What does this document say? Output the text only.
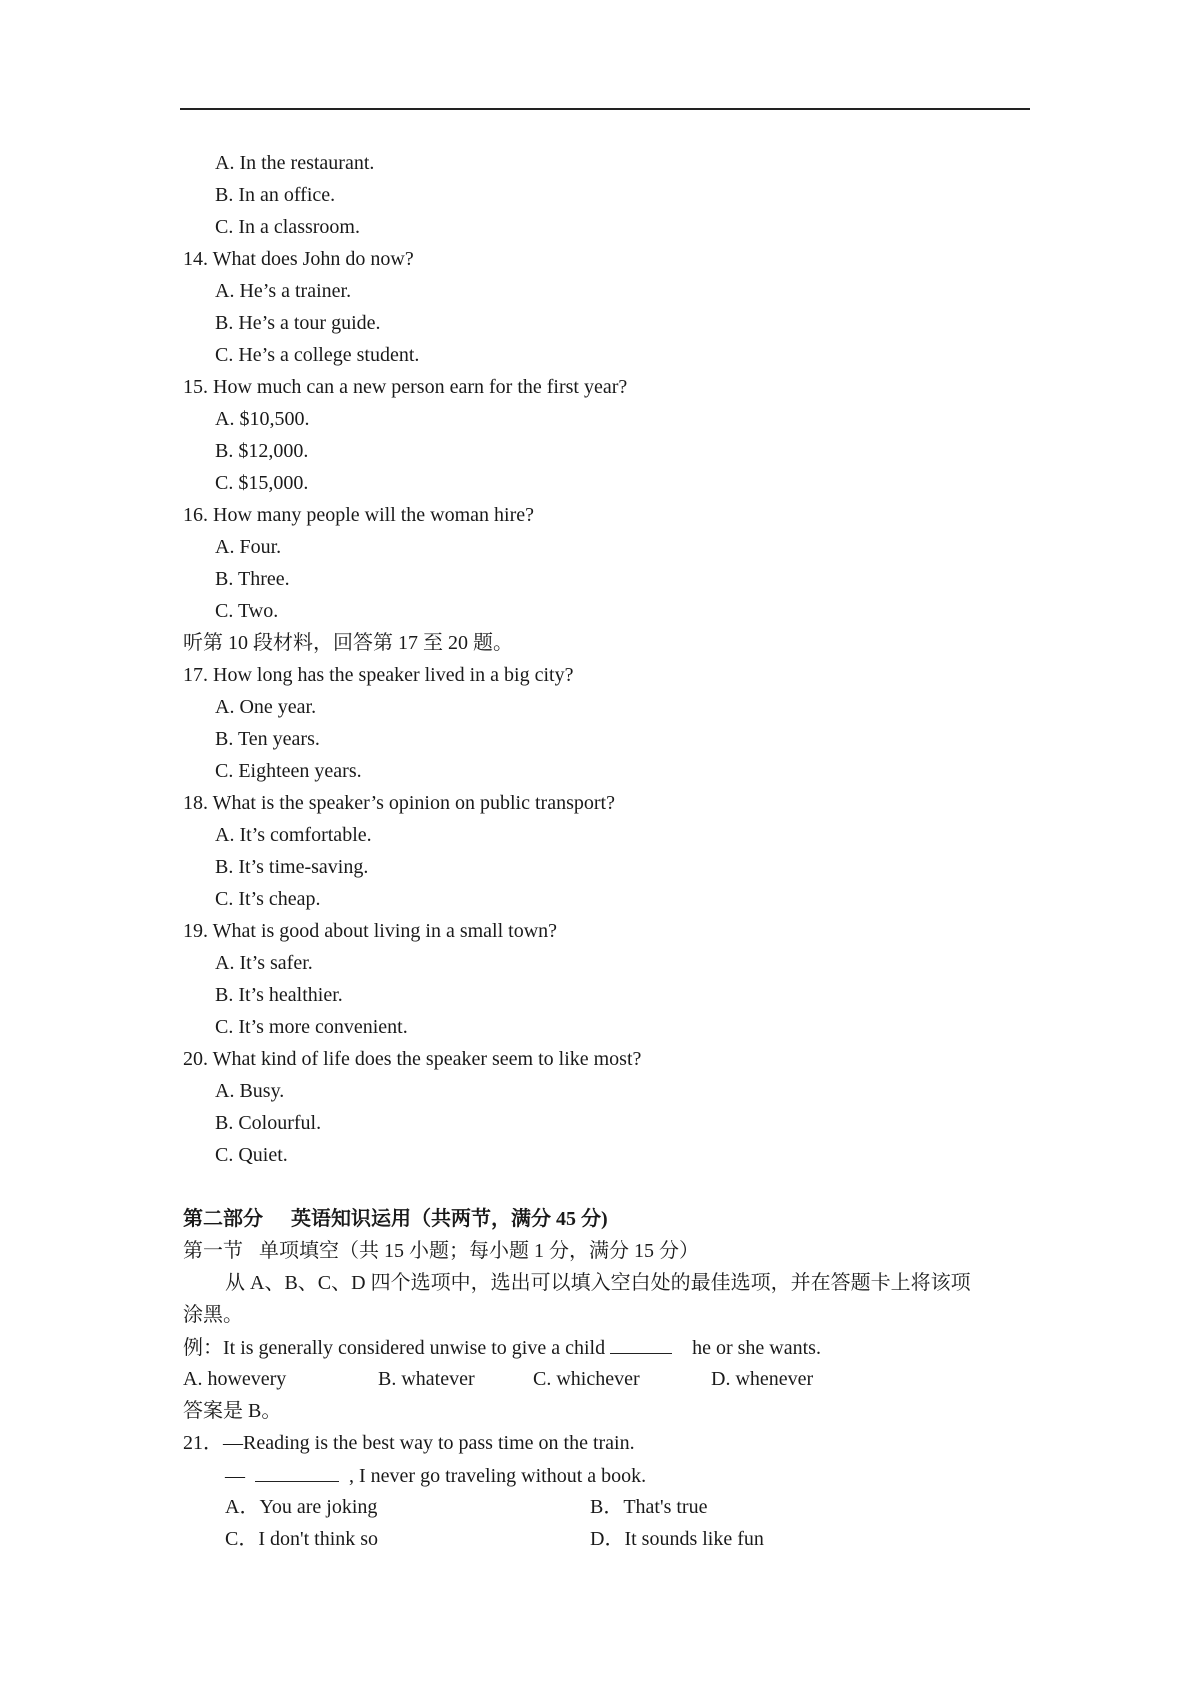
A. In the restaurant.
B. In an office.
C. In a classroom.
14. What does John do now?
A. He’s a trainer.
B. He’s a tour guide.
C. He’s a college student.
15. How much can a new person earn for the first year?
A. $10,500.
B. $12,000.
C. $15,000.
16. How many people will the woman hire?
A. Four.
B. Three.
C. Two.
听第 10 段材料，回答第 17 至 20 题。
17. How long has the speaker lived in a big city?
A. One year.
B. Ten years.
C. Eighteen years.
18. What is the speaker’s opinion on public transport?
A. It’s comfortable.
B. It’s time-saving.
C. It’s cheap.
19. What is good about living in a small town?
A. It’s safer.
B. It’s healthier.
C. It’s more convenient.
20. What kind of life does the speaker seem to like most?
A. Busy.
B. Colourful.
C. Quiet.
第二部分 英语知识运用（共两节，满分 45 分)
第一节 单项填空（共 15 小题；每小题 1 分，满分 15 分）
从 A、B、C、D 四个选项中，选出可以填入空白处的最佳选项，并在答题卡上将该项
涂黑。
例：It is generally considered unwise to give a child	he or she wants.
A. howevery	B. whatever	C. whichever	D. whenever
答案是 B。
21．—Reading is the best way to pass time on the train.
—	, I never go traveling without a book.
A．You are joking	B．That's true
C．I don't think so	D．It sounds like fun
